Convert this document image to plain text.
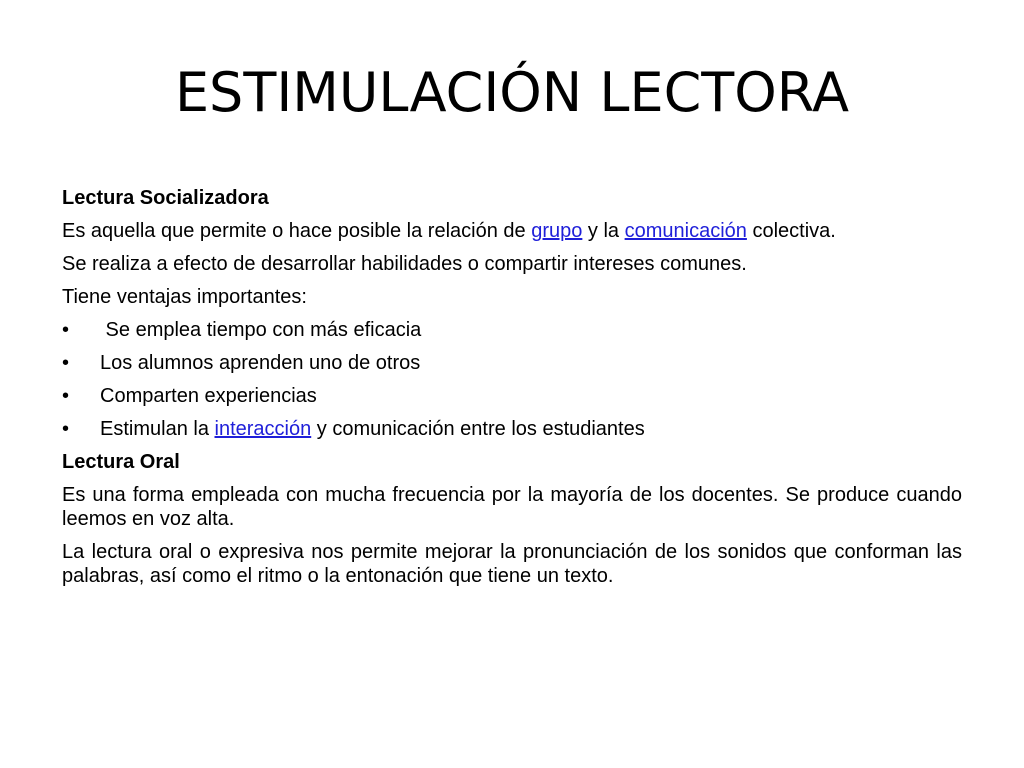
ESTIMULACIÓN LECTORA

Lectura Socializadora

Es aquella que permite o hace posible la relación de grupo y la comunicación colectiva.

Se realiza a efecto de desarrollar habilidades o compartir intereses comunes.

Tiene ventajas importantes:

•	Se emplea tiempo con más eficacia
•	Los alumnos aprenden uno de otros
•	Comparten experiencias
•	Estimulan la interacción y comunicación entre los estudiantes

Lectura Oral

Es una forma empleada con mucha frecuencia por la mayoría de los docentes. Se produce cuando leemos en voz alta.

La lectura oral o expresiva nos permite mejorar la pronunciación de los sonidos que conforman las palabras, así como el ritmo o la entonación que tiene un texto.
